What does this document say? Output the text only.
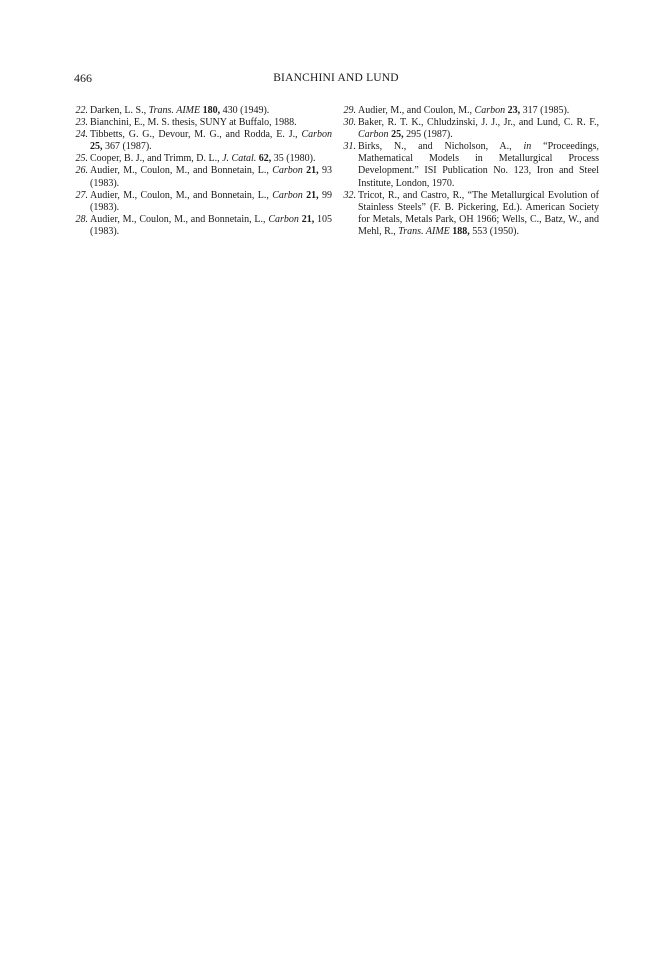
466	BIANCHINI AND LUND
22. Darken, L. S., Trans. AIME 180, 430 (1949).
23. Bianchini, E., M. S. thesis, SUNY at Buffalo, 1988.
24. Tibbetts, G. G., Devour, M. G., and Rodda, E. J., Carbon 25, 367 (1987).
25. Cooper, B. J., and Trimm, D. L., J. Catal. 62, 35 (1980).
26. Audier, M., Coulon, M., and Bonnetain, L., Carbon 21, 93 (1983).
27. Audier, M., Coulon, M., and Bonnetain, L., Carbon 21, 99 (1983).
28. Audier, M., Coulon, M., and Bonnetain, L., Carbon 21, 105 (1983).
29. Audier, M., and Coulon, M., Carbon 23, 317 (1985).
30. Baker, R. T. K., Chludzinski, J. J., Jr., and Lund, C. R. F., Carbon 25, 295 (1987).
31. Birks, N., and Nicholson, A., in “Proceedings, Mathematical Models in Metallurgical Process Development.” ISI Publication No. 123, Iron and Steel Institute, London, 1970.
32. Tricot, R., and Castro, R., “The Metallurgical Evolution of Stainless Steels” (F. B. Pickering, Ed.). American Society for Metals, Metals Park, OH 1966; Wells, C., Batz, W., and Mehl, R., Trans. AIME 188, 553 (1950).
